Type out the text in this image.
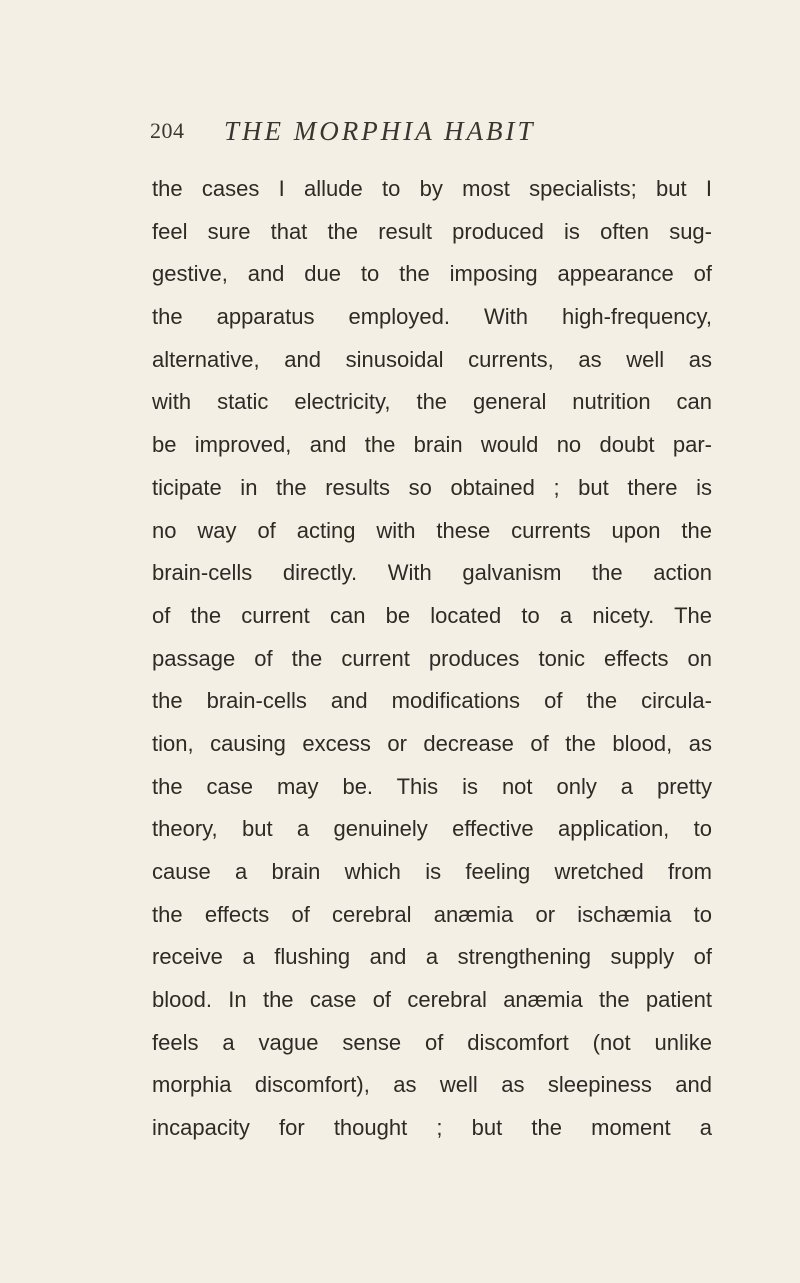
204 THE MORPHIA HABIT
the cases I allude to by most specialists; but I
feel sure that the result produced is often sug-
gestive, and due to the imposing appearance of
the apparatus employed. With high-frequency,
alternative, and sinusoidal currents, as well as
with static electricity, the general nutrition can
be improved, and the brain would no doubt par-
ticipate in the results so obtained ; but there is
no way of acting with these currents upon the
brain-cells directly. With galvanism the action
of the current can be located to a nicety. The
passage of the current produces tonic effects on
the brain-cells and modifications of the circula-
tion, causing excess or decrease of the blood, as
the case may be. This is not only a pretty
theory, but a genuinely effective application, to
cause a brain which is feeling wretched from
the effects of cerebral anæmia or ischæmia to
receive a flushing and a strengthening supply of
blood. In the case of cerebral anæmia the patient
feels a vague sense of discomfort (not unlike
morphia discomfort), as well as sleepiness and
incapacity for thought ; but the moment a
